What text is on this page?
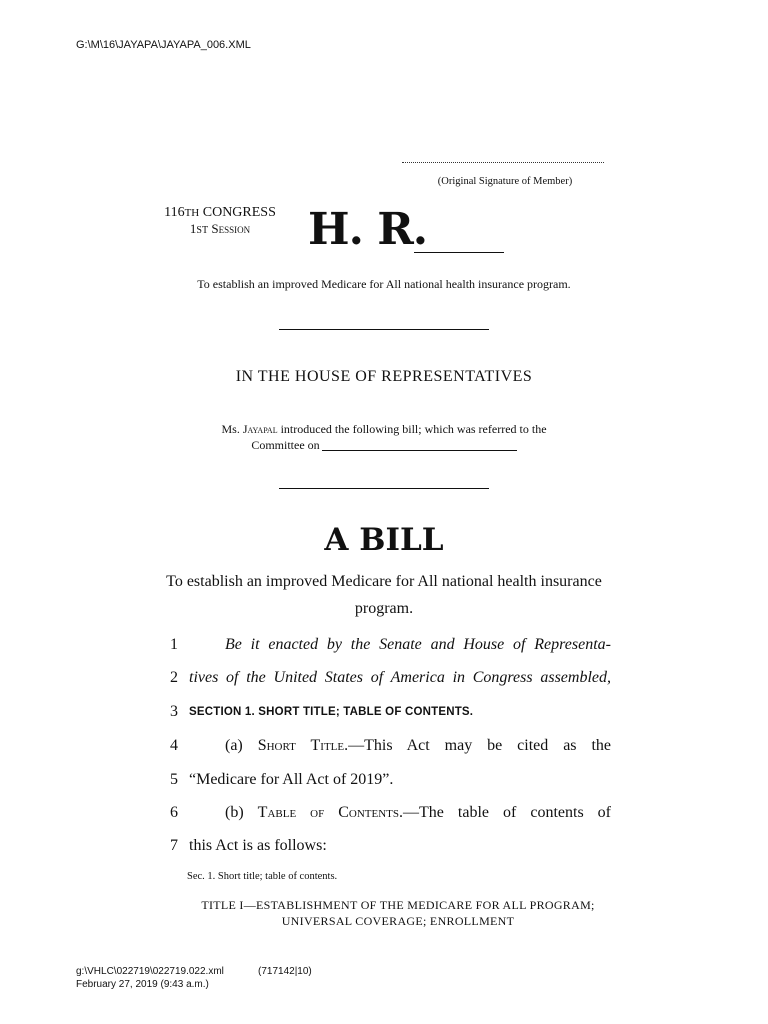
G:\M\16\JAYAPA\JAYAPA_006.XML
(Original Signature of Member)
116TH CONGRESS
1ST Session	H. R.
To establish an improved Medicare for All national health insurance program.
IN THE HOUSE OF REPRESENTATIVES
Ms. Jayapal introduced the following bill; which was referred to the
Committee on
A BILL
To establish an improved Medicare for All national health insurance program.
1	Be it enacted by the Senate and House of Representa-
2 tives of the United States of America in Congress assembled,
3 SECTION 1. SHORT TITLE; TABLE OF CONTENTS.
4	(a) Short Title.—This Act may be cited as the
5 “Medicare for All Act of 2019”.
6	(b) Table of Contents.—The table of contents of
7 this Act is as follows:
Sec. 1. Short title; table of contents.
TITLE I—ESTABLISHMENT OF THE MEDICARE FOR ALL PROGRAM; UNIVERSAL COVERAGE; ENROLLMENT
g:\VHLC\022719\022719.022.xml	(717142|10)
February 27, 2019 (9:43 a.m.)
